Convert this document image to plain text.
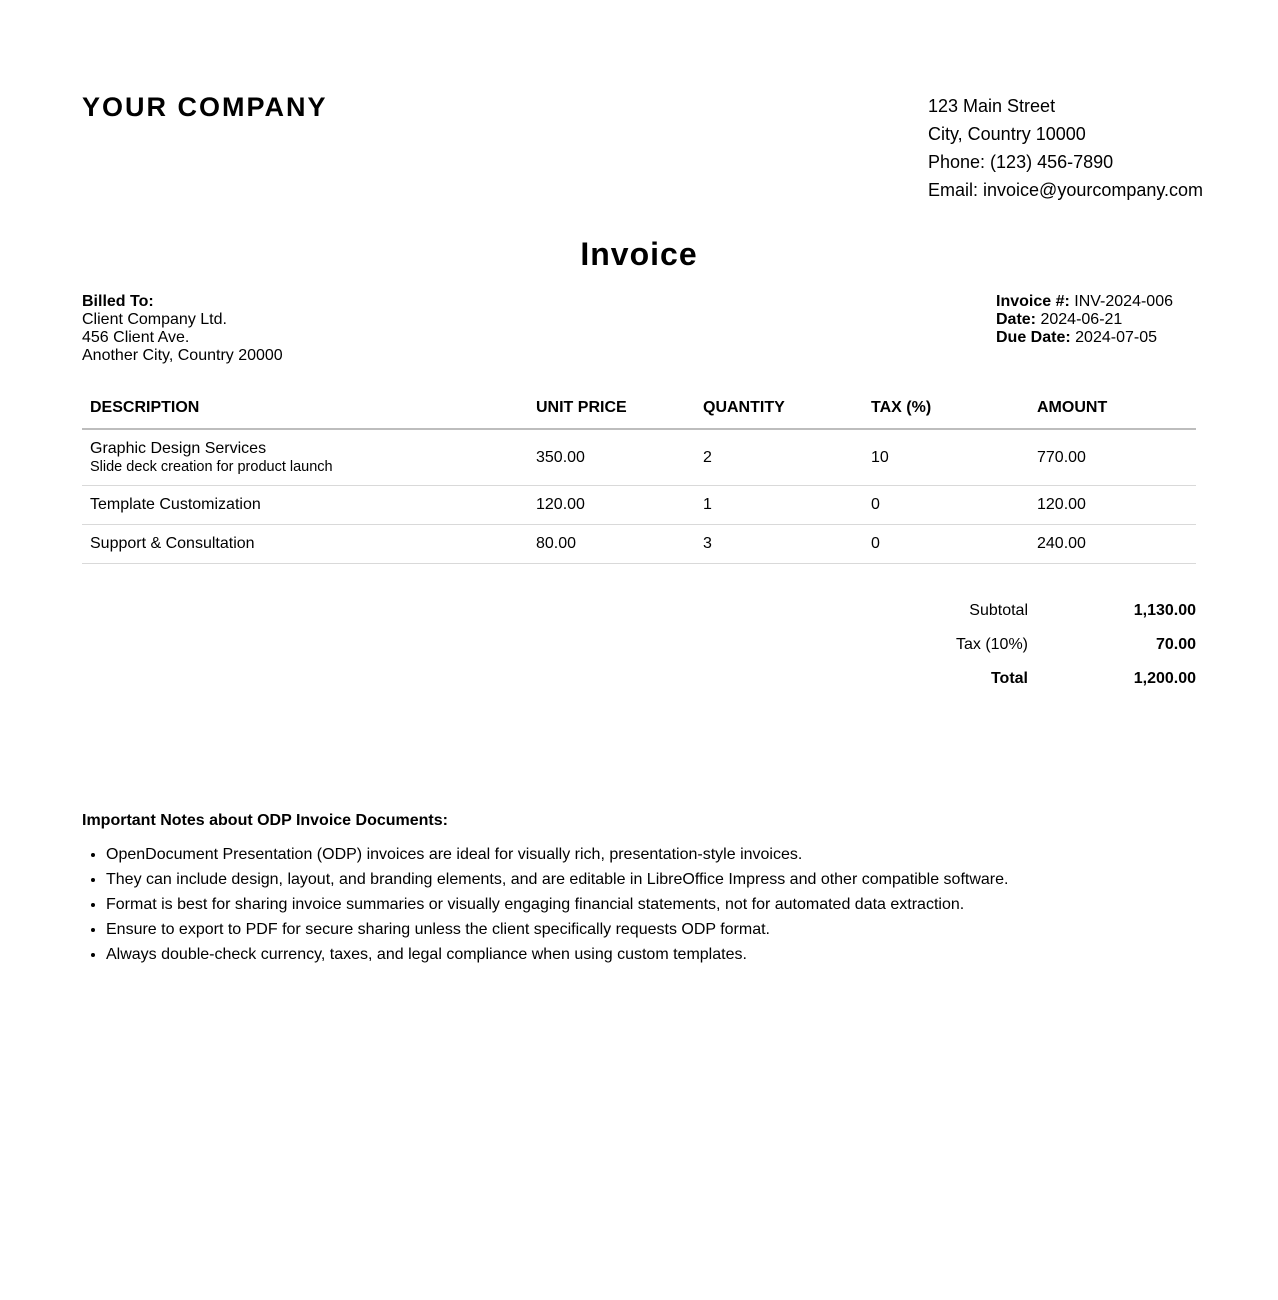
YOUR COMPANY	123 Main Street
City, Country 10000
Phone: (123) 456-7890
Email: invoice@yourcompany.com
Invoice
Billed To:
Client Company Ltd.
456 Client Ave.
Another City, Country 20000
Invoice #: INV-2024-006
Date: 2024-06-21
Due Date: 2024-07-05
DESCRIPTION	UNIT PRICE	QUANTITY	TAX (%)	AMOUNT

Graphic Design Services
Slide deck creation for product launch	350.00	2	10	770.00
Template Customization	120.00	1	0	120.00
Support & Consultation	80.00	3	0	240.00
Subtotal	1,130.00
Tax (10%)	70.00
Total	1,200.00
Important Notes about ODP Invoice Documents:
• OpenDocument Presentation (ODP) invoices are ideal for visually rich, presentation-style invoices.
• They can include design, layout, and branding elements, and are editable in LibreOffice Impress and other compatible software.
• Format is best for sharing invoice summaries or visually engaging financial statements, not for automated data extraction.
• Ensure to export to PDF for secure sharing unless the client specifically requests ODP format.
• Always double-check currency, taxes, and legal compliance when using custom templates.
